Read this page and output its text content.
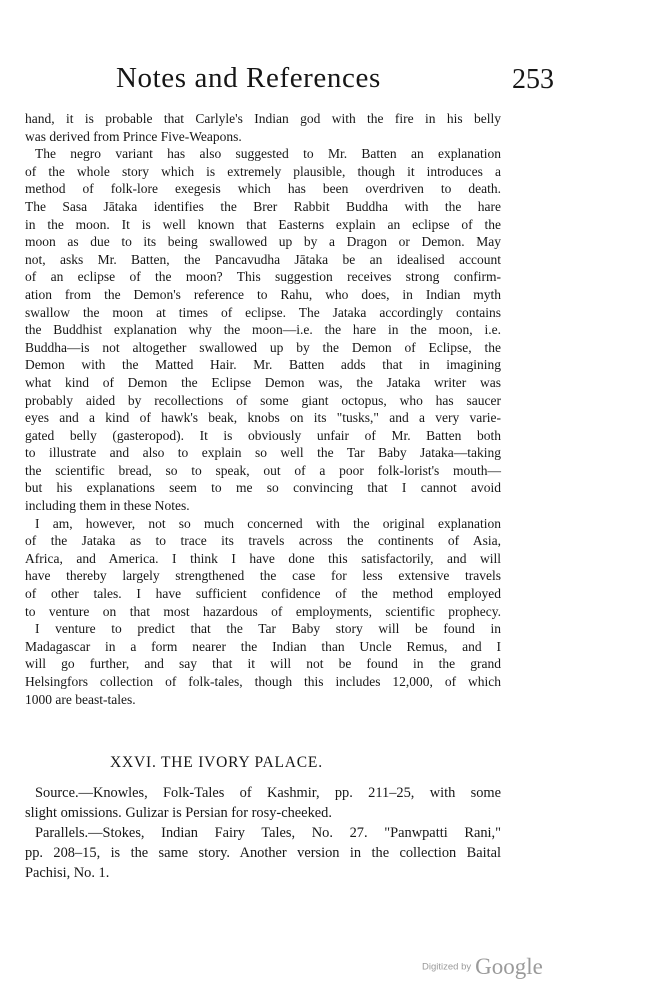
Notes and References	253
hand, it is probable that Carlyle's Indian god with the fire in his belly
was derived from Prince Five-Weapons.
The negro variant has also suggested to Mr. Batten an explanation
of the whole story which is extremely plausible, though it introduces a
method of folk-lore exegesis which has been overdriven to death.
The Sasa Jātaka identifies the Brer Rabbit Buddha with the hare
in the moon. It is well known that Easterns explain an eclipse of the
moon as due to its being swallowed up by a Dragon or Demon. May
not, asks Mr. Batten, the Pancavudha Jātaka be an idealised account
of an eclipse of the moon? This suggestion receives strong confirm-
ation from the Demon's reference to Rahu, who does, in Indian myth
swallow the moon at times of eclipse. The Jataka accordingly contains
the Buddhist explanation why the moon—i.e. the hare in the moon, i.e.
Buddha—is not altogether swallowed up by the Demon of Eclipse, the
Demon with the Matted Hair. Mr. Batten adds that in imagining
what kind of Demon the Eclipse Demon was, the Jataka writer was
probably aided by recollections of some giant octopus, who has saucer
eyes and a kind of hawk's beak, knobs on its "tusks," and a very varie-
gated belly (gasteropod). It is obviously unfair of Mr. Batten both
to illustrate and also to explain so well the Tar Baby Jataka—taking
the scientific bread, so to speak, out of a poor folk-lorist's mouth—
but his explanations seem to me so convincing that I cannot avoid
including them in these Notes.
I am, however, not so much concerned with the original explanation
of the Jataka as to trace its travels across the continents of Asia,
Africa, and America. I think I have done this satisfactorily, and will
have thereby largely strengthened the case for less extensive travels
of other tales. I have sufficient confidence of the method employed
to venture on that most hazardous of employments, scientific prophecy.
I venture to predict that the Tar Baby story will be found in
Madagascar in a form nearer the Indian than Uncle Remus, and I
will go further, and say that it will not be found in the grand
Helsingfors collection of folk-tales, though this includes 12,000, of which
1000 are beast-tales.
XXVI. THE IVORY PALACE.
Source.—Knowles, Folk-Tales of Kashmir, pp. 211–25, with some
slight omissions. Gulizar is Persian for rosy-cheeked.
Parallels.—Stokes, Indian Fairy Tales, No. 27. "Panwpatti Rani,"
pp. 208–15, is the same story. Another version in the collection Baital
Pachisi, No. 1.
Digitized by Google
